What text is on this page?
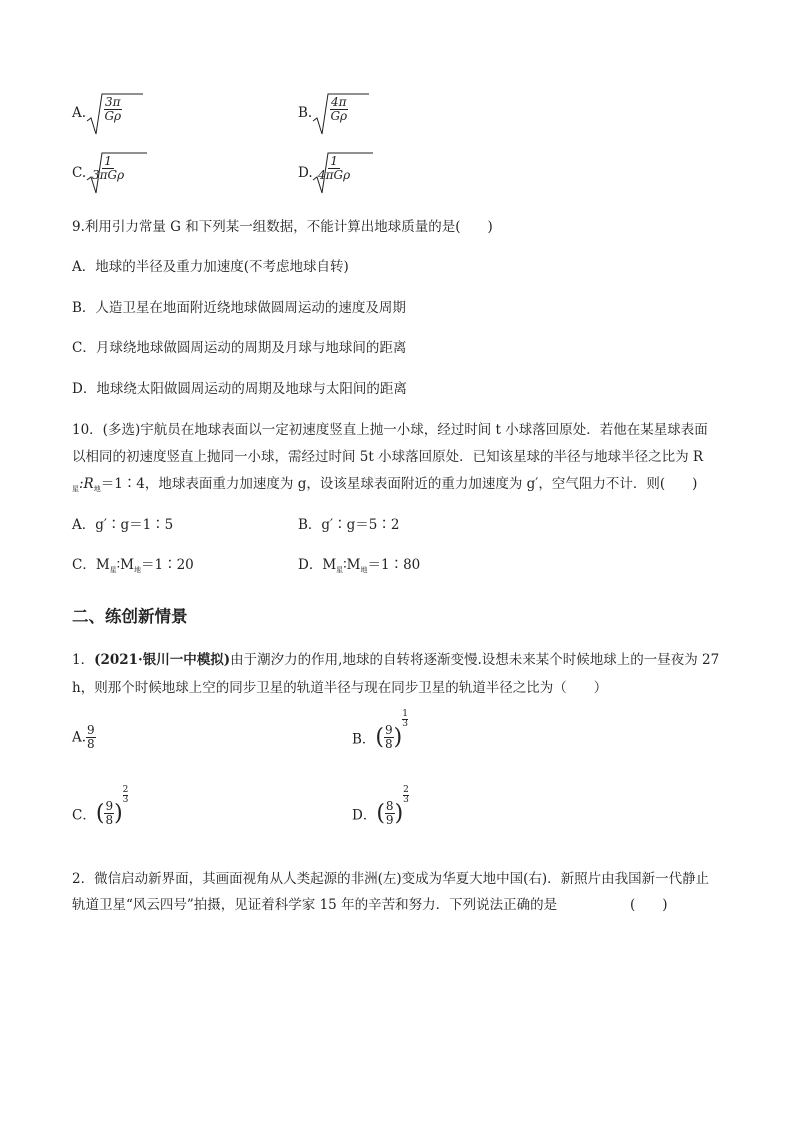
A. $\frac{3\pi}{G\rho}$	B. $\frac{4\pi}{G\rho}$
C.
1
3πGρ	D.
1
4πGρ
9.利用引力常量 G 和下列某一组数据，不能计算出地球质量的是(　　)
A．地球的半径及重力加速度(不考虑地球自转)
B．人造卫星在地面附近绕地球做圆周运动的速度及周期
C．月球绕地球做圆周运动的周期及月球与地球间的距离
D．地球绕太阳做圆周运动的周期及地球与太阳间的距离
10．(多选)宇航员在地球表面以一定初速度竖直上抛一小球，经过时间 t 小球落回原处．若他在某星球表面
以相同的初速度竖直上抛同一小球，需经过时间 5t 小球落回原处．已知该星球的半径与地球半径之比为 R
$_星:R_地=1∶4$，地球表面重力加速度为 g，设该星球表面附近的重力加速度为 g′，空气阻力不计．则(　　)
A．g′∶g＝1∶5	B．g′∶g＝5∶2
C．$M_星∶M_地=1∶20$	D．$M_星∶M_地=1∶80$
二、练创新情景
1．(2021·银川一中模拟)由于潮汐力的作用,地球的自转将逐渐变慢.设想未来某个时候地球上的一昼夜为 27
h，则那个时候地球上空的同步卫星的轨道半径与现在同步卫星的轨道半径之比为（　　）
A. $\frac{9}{8}$	B．( $\frac{9}{8}$ )
$\frac{1}{3}$
C．( $\frac{9}{8}$ )
$\frac{2}{3}$
D．( $\frac{8}{9}$ )
$\frac{2}{3}$
2．微信启动新界面，其画面视角从人类起源的非洲(左)变成为华夏大地中国(右)．新照片由我国新一代静止
轨道卫星“风云四号”拍摄，见证着科学家 15 年的辛苦和努力．下列说法正确的是	(　　)
